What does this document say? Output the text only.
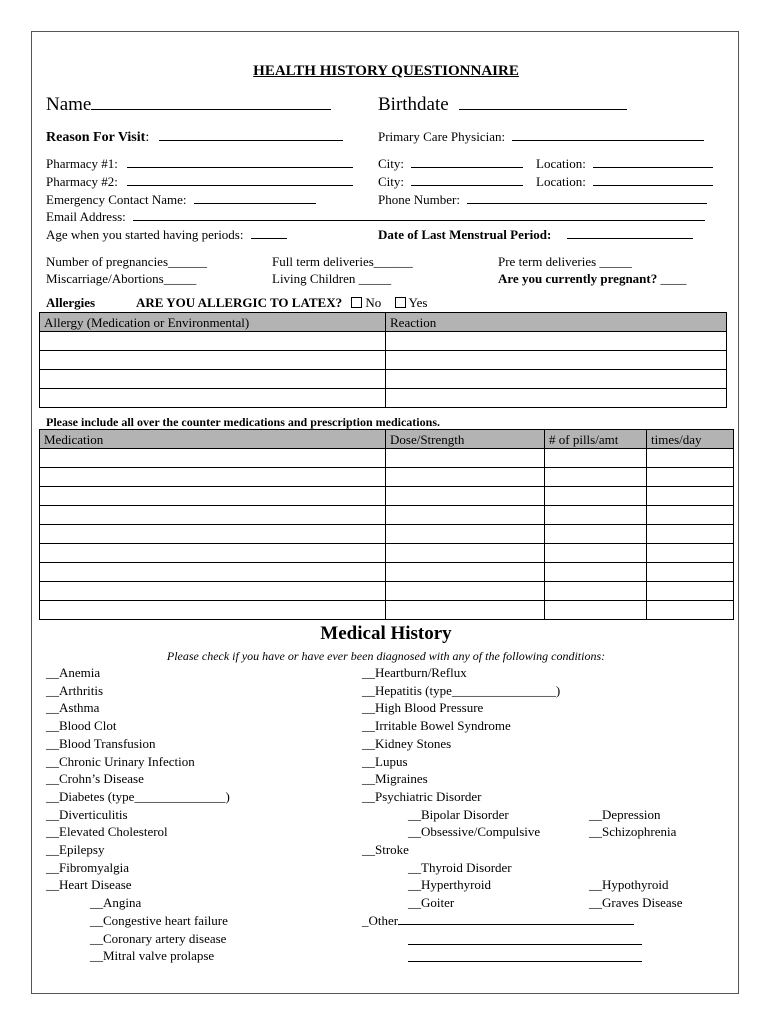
HEALTH HISTORY QUESTIONNAIRE
Name	Birthdate
Reason For Visit:	Primary Care Physician:
Pharmacy #1:	City:	Location:
Pharmacy #2:	City:	Location:
Emergency Contact Name:	Phone Number:
Email Address:
Age when you started having periods:	Date of Last Menstrual Period:
Number of pregnancies______	Full term deliveries______	Pre term deliveries _____
Miscarriage/Abortions_____	Living Children _____	Are you currently pregnant? ____
Allergies	ARE YOU ALLERGIC TO LATEX? No Yes
Allergy (Medication or Environmental)	Reaction

Please include all over the counter medications and prescription medications.
Medication	Dose/Strength	# of pills/amt	times/day

Medical History
Please check if you have or have ever been diagnosed with any of the following conditions:
__Anemia
__Arthritis
__Asthma
__Blood Clot
__Blood Transfusion
__Chronic Urinary Infection
__Crohn’s Disease
__Diabetes (type______________)
__Diverticulitis
__Elevated Cholesterol
__Epilepsy
__Fibromyalgia
__Heart Disease
__Angina
__Congestive heart failure
__Coronary artery disease
__Mitral valve prolapse
__Heartburn/Reflux
__Hepatitis (type________________)
__High Blood Pressure
__Irritable Bowel Syndrome
__Kidney Stones
__Lupus
__Migraines
__Psychiatric Disorder
__Bipolar Disorder
__Obsessive/Compulsive
__Depression
__Schizophrenia
__Stroke
__Thyroid Disorder
__Hyperthyroid
__Goiter
__Hypothyroid
__Graves Disease
_Other
